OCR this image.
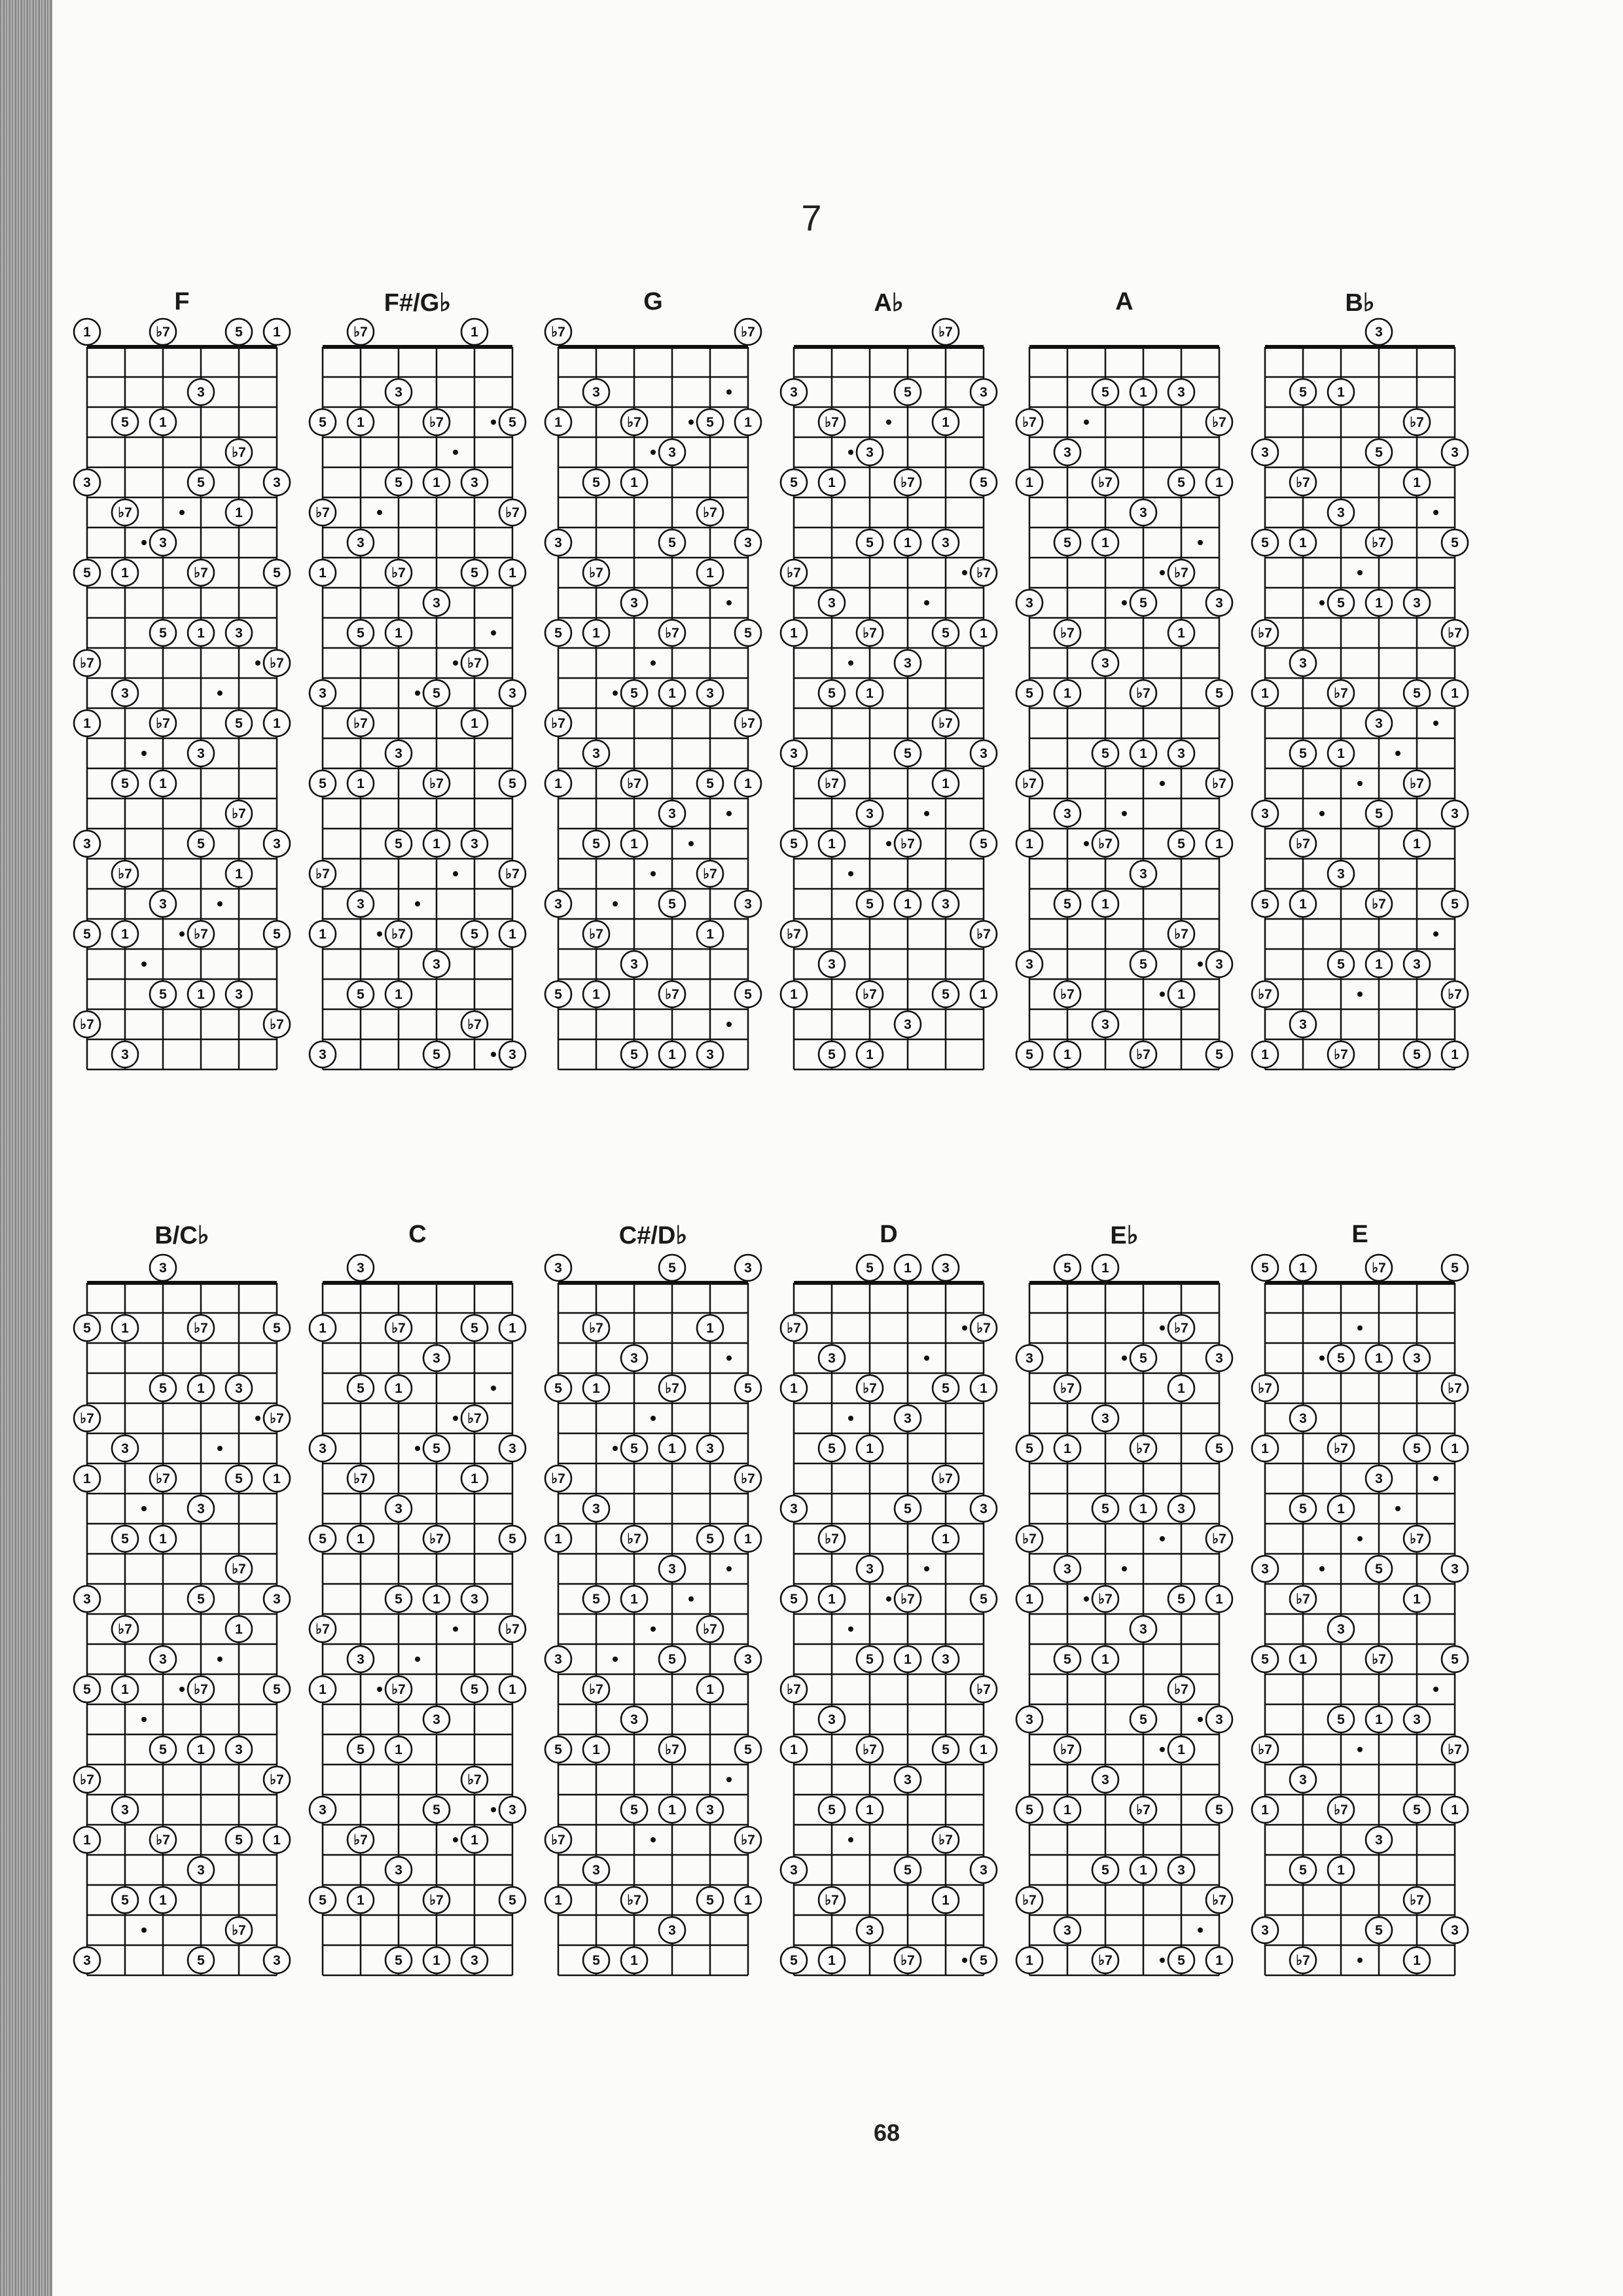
7
F
1	♭7	5 1
3
5 1
♭7
3	5	3
♭7	1
3
5 1	♭7	5
5 1 3
♭7	♭7
3
1	♭7	5 1
3
5 1
♭7
3	5	3
♭7	1
3
5 1	♭7	5
5 1 3
♭7	♭7
3
F#/G♭
♭7	1
3
5 1	♭7	5
5 1 3
♭7	♭7
3
1	♭7	5 1
3
5 1
♭7
3	5	3
♭7	1
3
5 1	♭7	5
5 1 3
♭7	♭7
3
1	♭7	5 1
3
5 1
♭7
3	5	3
G
♭7	♭7
3
1	♭7	5 1
3
5 1
♭7
3	5	3
♭7	1
3
5 1	♭7	5
5 1 3
♭7	♭7
3
1	♭7	5 1
3
5 1
♭7
3	5	3
♭7	1
3
5 1	♭7	5
5 1 3
A♭
♭7
3	5	3
♭7	1
3
5 1	♭7	5
5 1 3
♭7	♭7
3
1	♭7	5 1
3
5 1
♭7
3	5	3
♭7	1
3
5 1	♭7	5
5 1 3
♭7	♭7
3
1	♭7	5 1
3
5 1
A
5 1 3
♭7	♭7
3
1	♭7	5 1
3
5 1
♭7
3	5	3
♭7	1
3
5 1	♭7	5
5 1 3
♭7	♭7
3
1	♭7	5 1
3
5 1
♭7
3	5	3
♭7	1
3
5 1	♭7	5
B♭
3
5 1
♭7
3	5	3
♭7	1
3
5 1	♭7	5
5 1 3
♭7	♭7
3
1	♭7	5 1
3
5 1
♭7
3	5	3
♭7	1
3
5 1	♭7	5
5 1 3
♭7	♭7
3
1	♭7	5 1
B/C♭
3
5 1	♭7	5
5 1 3
♭7	♭7
3
1	♭7	5 1
3
5 1
♭7
3	5	3
♭7	1
3
5 1	♭7	5
5 1 3
♭7	♭7
3
1	♭7	5 1
3
5 1
♭7
3	5	3
C
3
1	♭7	5 1
3
5 1
♭7
3	5	3
♭7	1
3
5 1	♭7	5
5 1 3
♭7	♭7
3
1	♭7	5 1
3
5 1
♭7
3	5	3
♭7	1
3
5 1	♭7	5
5 1 3
C#/D♭
3	5	3
♭7	1
3
5 1	♭7	5
5 1 3
♭7	♭7
3
1	♭7	5 1
3
5 1
♭7
3	5	3
♭7	1
3
5 1	♭7	5
5 1 3
♭7	♭7
3
1	♭7	5 1
3
5 1
D
5 1 3
♭7	♭7
3
1	♭7	5 1
3
5 1
♭7
3	5	3
♭7	1
3
5 1	♭7	5
5 1 3
♭7	♭7
3
1	♭7	5 1
3
5 1
♭7
3	5	3
♭7	1
3
5 1	♭7	5
E♭
5 1
♭7
3	5	3
♭7	1
3
5 1	♭7	5
5 1 3
♭7	♭7
3
1	♭7	5 1
3
5 1
♭7
3	5	3
♭7	1
3
5 1	♭7	5
5 1 3
♭7	♭7
3
1	♭7	5 1
E
5 1	♭7	5
5 1 3
♭7	♭7
3
1	♭7	5 1
3
5 1
♭7
3	5	3
♭7	1
3
5 1	♭7	5
5 1 3
♭7	♭7
3
1	♭7	5 1
3
5 1
♭7
3	5	3
♭7	1
68
